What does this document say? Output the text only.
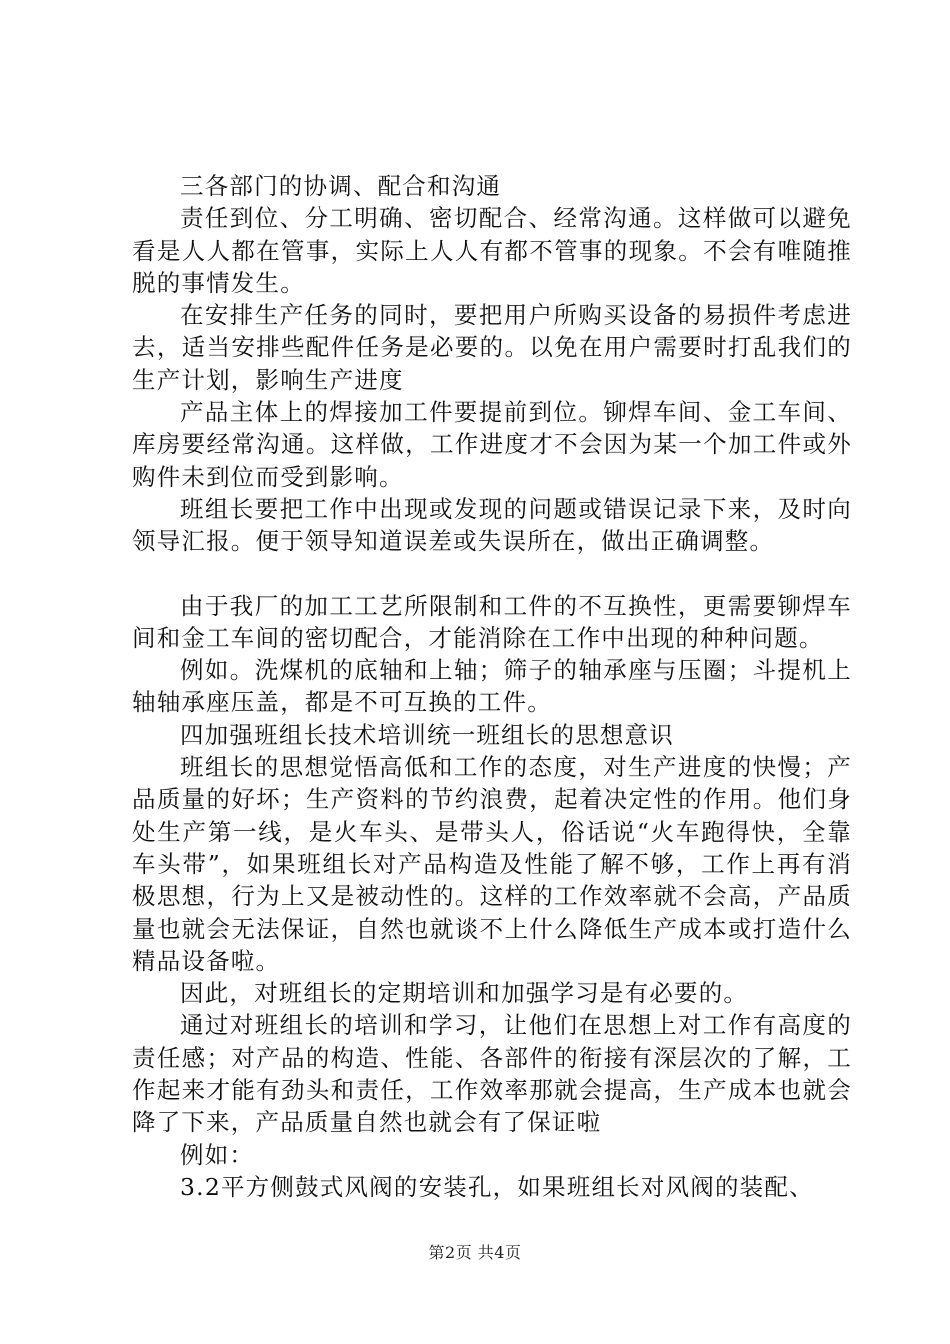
三各部门的协调、配合和沟通

责任到位、分工明确、密切配合、经常沟通。这样做可以避免看是人人都在管事，实际上人人有都不管事的现象。不会有唯随推脱的事情发生。

在安排生产任务的同时，要把用户所购买设备的易损件考虑进去，适当安排些配件任务是必要的。以免在用户需要时打乱我们的生产计划，影响生产进度

产品主体上的焊接加工件要提前到位。铆焊车间、金工车间、库房要经常沟通。这样做，工作进度才不会因为某一个加工件或外购件未到位而受到影响。

班组长要把工作中出现或发现的问题或错误记录下来，及时向领导汇报。便于领导知道误差或失误所在，做出正确调整。

由于我厂的加工工艺所限制和工件的不互换性，更需要铆焊车间和金工车间的密切配合，才能消除在工作中出现的种种问题。

例如。洗煤机的底轴和上轴；筛子的轴承座与压圈；斗提机上轴轴承座压盖，都是不可互换的工件。

四加强班组长技术培训统一班组长的思想意识

班组长的思想觉悟高低和工作的态度，对生产进度的快慢；产品质量的好坏；生产资料的节约浪费，起着决定性的作用。他们身处生产第一线，是火车头、是带头人，俗话说“火车跑得快，全靠车头带”，如果班组长对产品构造及性能了解不够，工作上再有消极思想，行为上又是被动性的。这样的工作效率就不会高，产品质量也就会无法保证，自然也就谈不上什么降低生产成本或打造什么精品设备啦。

因此，对班组长的定期培训和加强学习是有必要的。

通过对班组长的培训和学习，让他们在思想上对工作有高度的责任感；对产品的构造、性能、各部件的衔接有深层次的了解，工作起来才能有劲头和责任，工作效率那就会提高，生产成本也就会降了下来，产品质量自然也就会有了保证啦

例如：

3.2平方侧鼓式风阀的安装孔，如果班组长对风阀的装配、

第2页 共4页
